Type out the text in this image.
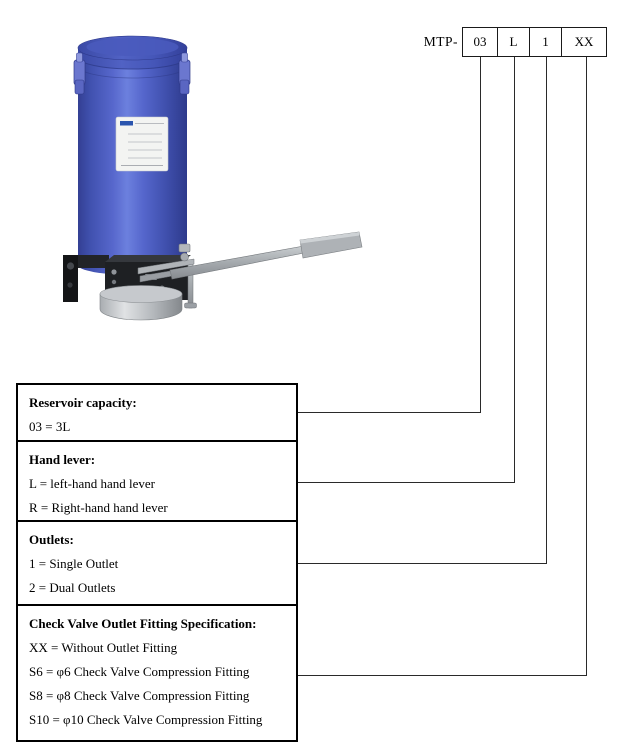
MTP-	03	L	1	XX
Reservoir capacity:
03 = 3L
Hand lever:
L = left-hand hand lever
R = Right-hand hand lever
Outlets:
1 = Single Outlet
2 = Dual Outlets
Check Valve Outlet Fitting Specification:
XX = Without Outlet Fitting
S6 = φ6 Check Valve Compression Fitting
S8 = φ8 Check Valve Compression Fitting
S10 = φ10 Check Valve Compression Fitting
